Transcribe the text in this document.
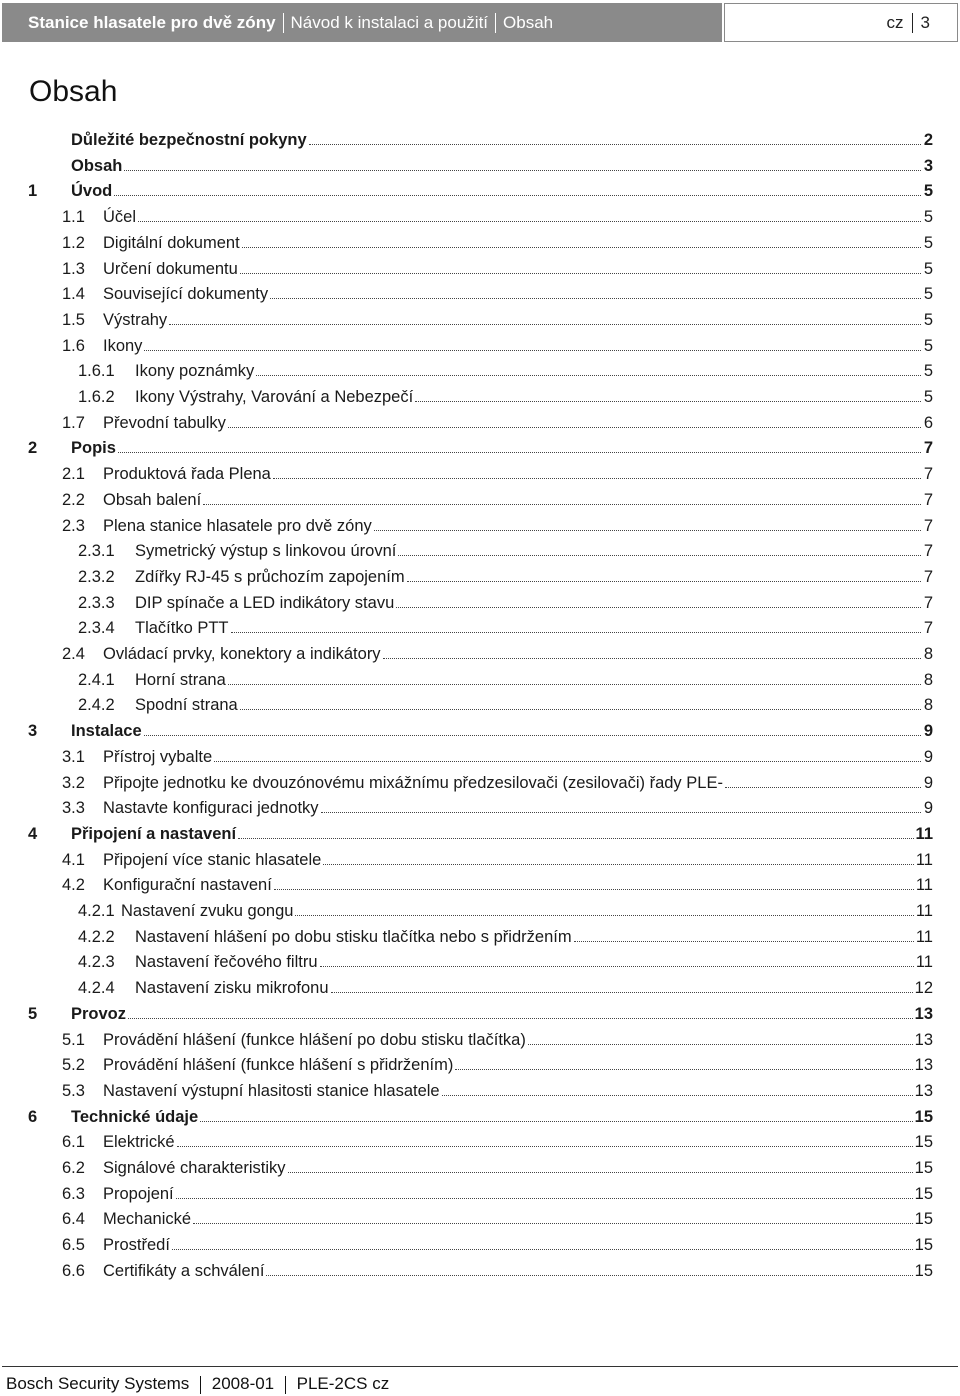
Stanice hlasatele pro dvě zóny Návod k instalaci a použití Obsah	cz 3
Obsah
Důležité bezpečnostní pokyny	2
Obsah	3
1 Úvod	5
1.1 Účel	5
1.2 Digitální dokument	5
1.3 Určení dokumentu	5
1.4 Související dokumenty	5
1.5 Výstrahy	5
1.6 Ikony	5
1.6.1 Ikony poznámky	5
1.6.2 Ikony Výstrahy, Varování a Nebezpečí	5
1.7 Převodní tabulky	6
2 Popis	7
2.1 Produktová řada Plena	7
2.2 Obsah balení	7
2.3 Plena stanice hlasatele pro dvě zóny	7
2.3.1 Symetrický výstup s linkovou úrovní	7
2.3.2 Zdířky RJ-45 s průchozím zapojením	7
2.3.3 DIP spínače a LED indikátory stavu	7
2.3.4 Tlačítko PTT	7
2.4 Ovládací prvky, konektory a indikátory	8
2.4.1 Horní strana	8
2.4.2 Spodní strana	8
3 Instalace	9
3.1 Přístroj vybalte	9
3.2 Připojte jednotku ke dvouzónovému mixážnímu předzesilovači (zesilovači) řady PLE-	9
3.3 Nastavte konfiguraci jednotky	9
4 Připojení a nastavení	11
4.1 Připojení více stanic hlasatele	11
4.2 Konfigurační nastavení	11
4.2.1 Nastavení zvuku gongu	11
4.2.2 Nastavení hlášení po dobu stisku tlačítka nebo s přidržením	11
4.2.3 Nastavení řečového filtru	11
4.2.4 Nastavení zisku mikrofonu	12
5 Provoz	13
5.1 Provádění hlášení (funkce hlášení po dobu stisku tlačítka)	13
5.2 Provádění hlášení (funkce hlášení s přidržením)	13
5.3 Nastavení výstupní hlasitosti stanice hlasatele	13
6 Technické údaje	15
6.1 Elektrické	15
6.2 Signálové charakteristiky	15
6.3 Propojení	15
6.4 Mechanické	15
6.5 Prostředí	15
6.6 Certifikáty a schválení	15
Bosch Security Systems 2008-01 PLE-2CS cz
